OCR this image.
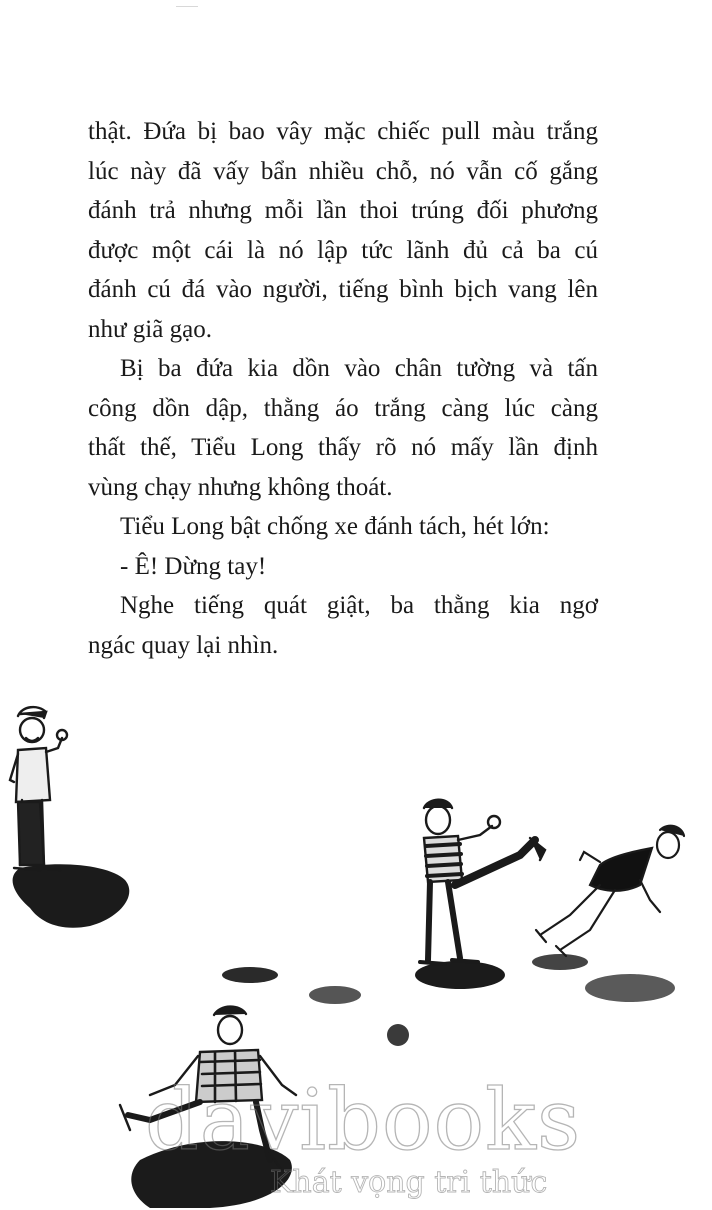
thật. Đứa bị bao vây mặc chiếc pull màu trắng
lúc này đã vấy bẩn nhiều chỗ, nó vẫn cố gắng
đánh trả nhưng mỗi lần thoi trúng đối phương
được một cái là nó lập tức lãnh đủ cả ba cú
đánh cú đá vào người, tiếng bình bịch vang lên
như giã gạo.

Bị ba đứa kia dồn vào chân tường và tấn
công dồn dập, thằng áo trắng càng lúc càng
thất thế, Tiểu Long thấy rõ nó mấy lần định
vùng chạy nhưng không thoát.

Tiểu Long bật chống xe đánh tách, hét lớn:

- Ê! Dừng tay!

Nghe tiếng quát giật, ba thằng kia ngơ
ngác quay lại nhìn.

davibooks
Khát vọng tri thức
